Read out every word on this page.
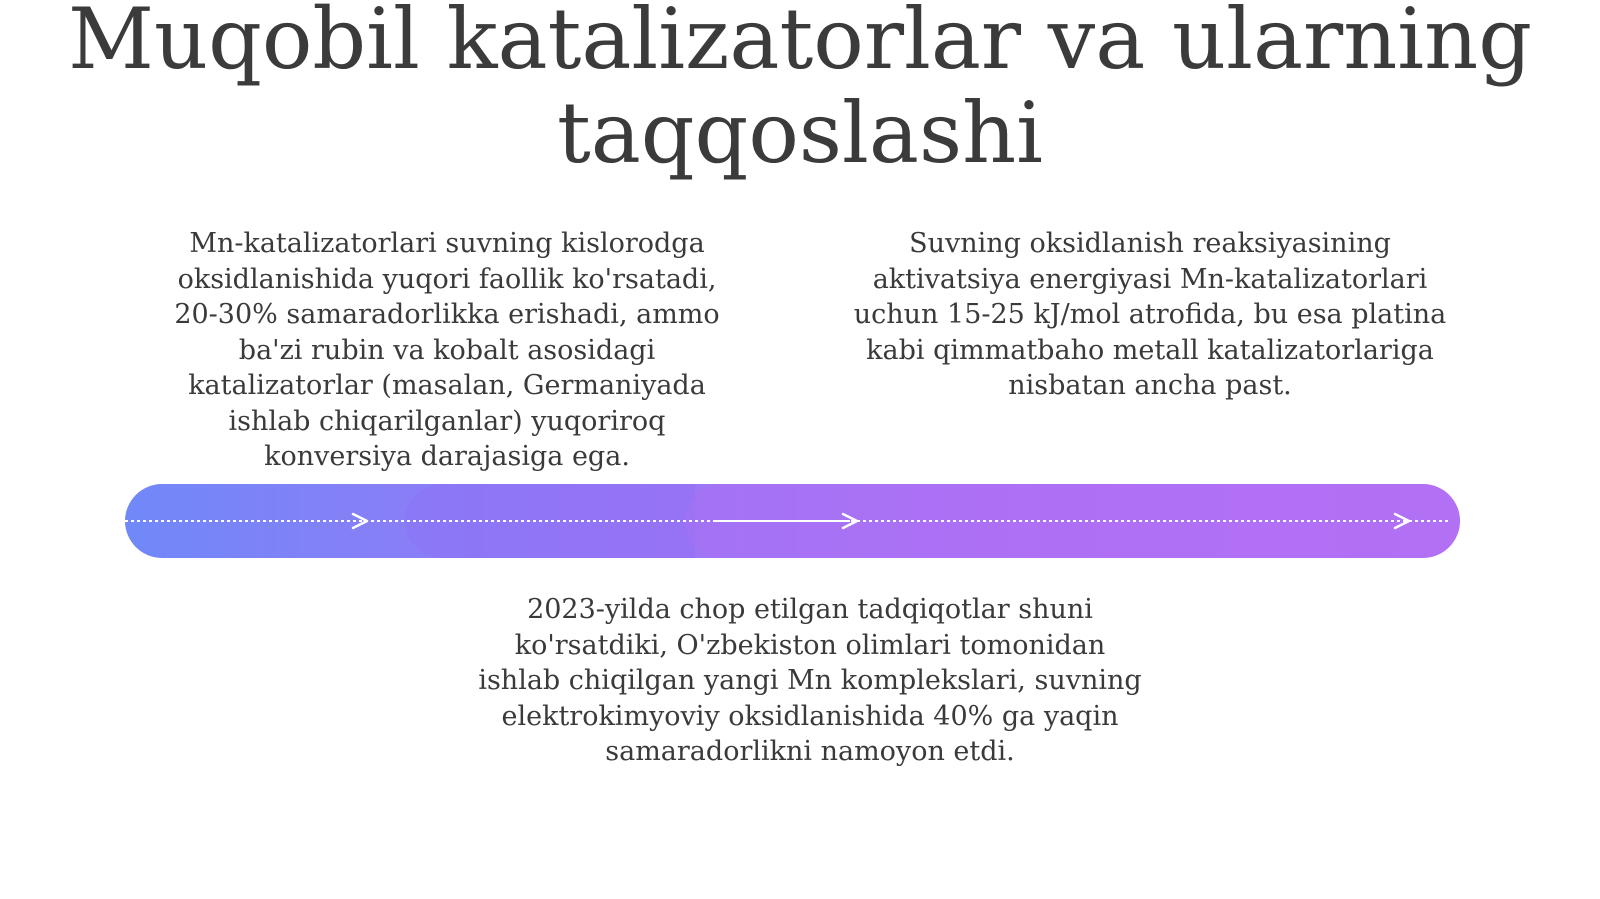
Muqobil katalizatorlar va ularning
taqqoslashi

Mn-katalizatorlari suvning kislorodga
oksidlanishida yuqori faollik ko'rsatadi,
20-30% samaradorlikka erishadi, ammo
ba'zi rubin va kobalt asosidagi
katalizatorlar (masalan, Germaniyada
ishlab chiqarilganlar) yuqoriroq
konversiya darajasiga ega.

Suvning oksidlanish reaksiyasining
aktivatsiya energiyasi Mn-katalizatorlari
uchun 15-25 kJ/mol atrofida, bu esa platina
kabi qimmatbaho metall katalizatorlariga
nisbatan ancha past.

2023-yilda chop etilgan tadqiqotlar shuni
ko'rsatdiki, O'zbekiston olimlari tomonidan
ishlab chiqilgan yangi Mn komplekslari, suvning
elektrokimyoviy oksidlanishida 40% ga yaqin
samaradorlikni namoyon etdi.
